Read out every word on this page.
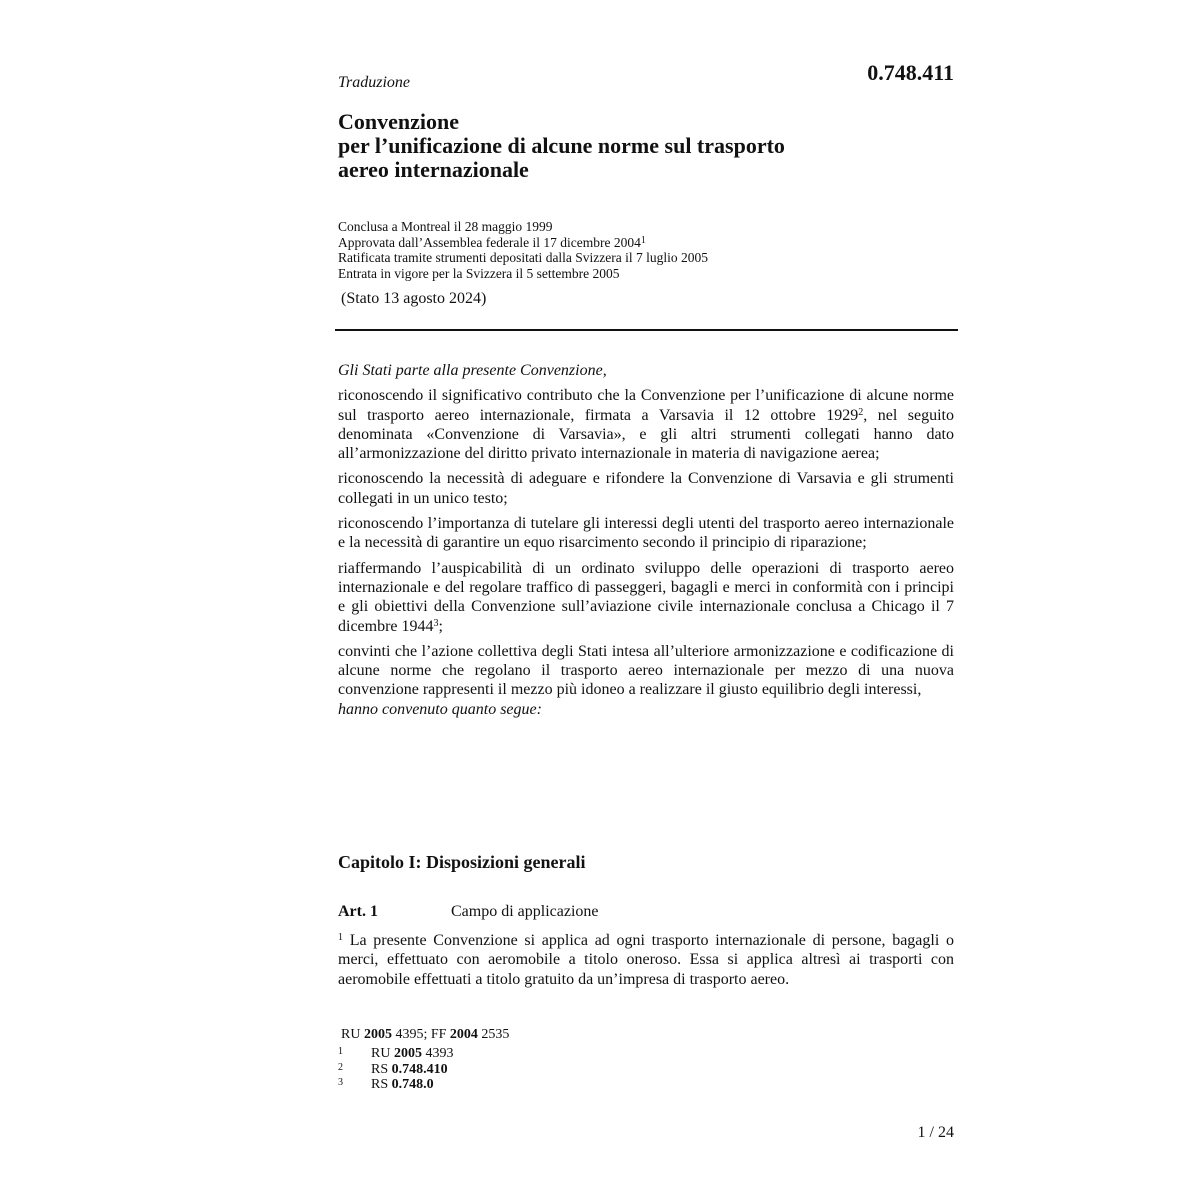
Traduzione	0.748.411
Convenzione
per l’unificazione di alcune norme sul trasporto
aereo internazionale
Conclusa a Montreal il 28 maggio 1999
Approvata dall’Assemblea federale il 17 dicembre 2004$^1$
Ratificata tramite strumenti depositati dalla Svizzera il 7 luglio 2005
Entrata in vigore per la Svizzera il 5 settembre 2005
(Stato 13 agosto 2024)

Gli Stati parte alla presente Convenzione,

riconoscendo il significativo contributo che la Convenzione per l’unificazione di alcune norme sul trasporto aereo internazionale, firmata a Varsavia il 12 ottobre 1929$^2$, nel seguito denominata «Convenzione di Varsavia», e gli altri strumenti collegati hanno dato all’armonizzazione del diritto privato internazionale in materia di navigazione aerea;

riconoscendo la necessità di adeguare e rifondere la Convenzione di Varsavia e gli strumenti collegati in un unico testo;

riconoscendo l’importanza di tutelare gli interessi degli utenti del trasporto aereo internazionale e la necessità di garantire un equo risarcimento secondo il principio di riparazione;

riaffermando l’auspicabilità di un ordinato sviluppo delle operazioni di trasporto aereo internazionale e del regolare traffico di passeggeri, bagagli e merci in conformità con i principi e gli obiettivi della Convenzione sull’aviazione civile internazionale conclusa a Chicago il 7 dicembre 1944$^3$;

convinti che l’azione collettiva degli Stati intesa all’ulteriore armonizzazione e codificazione di alcune norme che regolano il trasporto aereo internazionale per mezzo di una nuova convenzione rappresenti il mezzo più idoneo a realizzare il giusto equilibrio degli interessi,

hanno convenuto quanto segue:

Capitolo I: Disposizioni generali
Art. 1	Campo di applicazione
$^1$ La presente Convenzione si applica ad ogni trasporto internazionale di persone, bagagli o merci, effettuato con aeromobile a titolo oneroso. Essa si applica altresì ai trasporti con aeromobile effettuati a titolo gratuito da un’impresa di trasporto aereo.
RU 2005 4395; FF 2004 2535
1 RU 2005 4393
2 RS 0.748.410
3 RS 0.748.0
1 / 24
